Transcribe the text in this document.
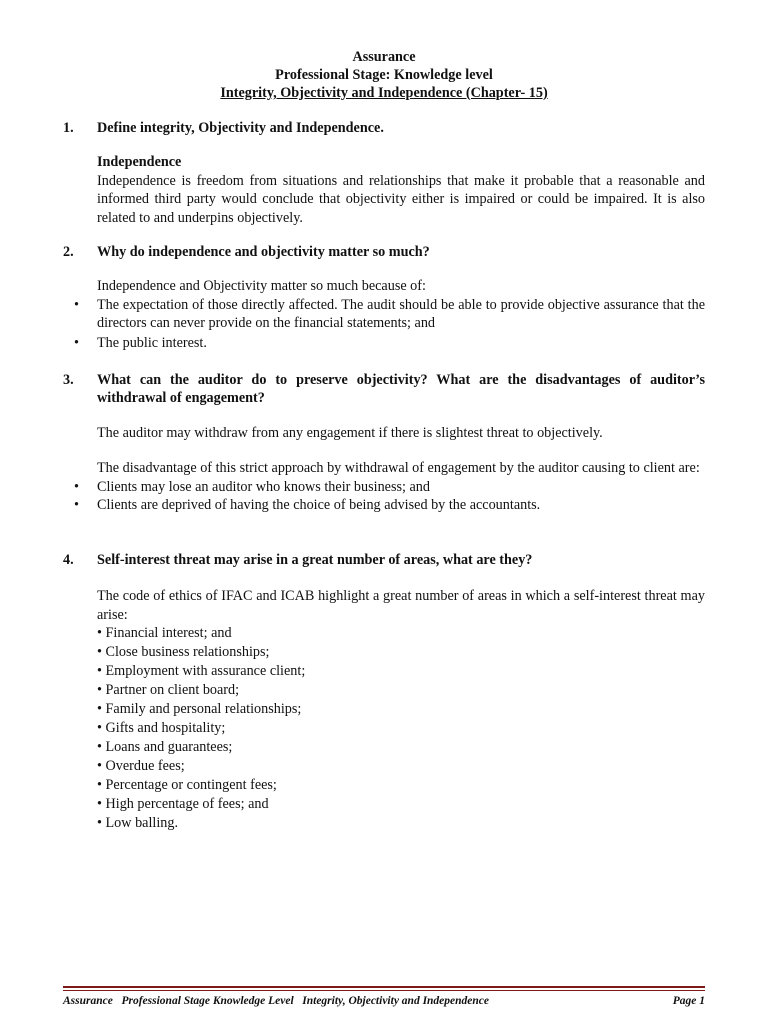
Assurance
Professional Stage: Knowledge level
Integrity, Objectivity and Independence (Chapter- 15)
1.	Define integrity, Objectivity and Independence.
Independence
Independence is freedom from situations and relationships that make it probable that a reasonable and informed third party would conclude that objectivity either is impaired or could be impaired. It is also related to and underpins objectively.
2.	Why do independence and objectivity matter so much?
Independence and Objectivity matter so much because of:
•	The expectation of those directly affected. The audit should be able to provide objective assurance that the directors can never provide on the financial statements; and
•	The public interest.
3.	What can the auditor do to preserve objectivity? What are the disadvantages of auditor’s withdrawal of engagement?
The auditor may withdraw from any engagement if there is slightest threat to objectively.
The disadvantage of this strict approach by withdrawal of engagement by the auditor causing to client are:
•	Clients may lose an auditor who knows their business; and
•	Clients are deprived of having the choice of being advised by the accountants.
4.	Self-interest threat may arise in a great number of areas, what are they?
The code of ethics of IFAC and ICAB highlight a great number of areas in which a self-interest threat may arise:
• Financial interest; and
• Close business relationships;
• Employment with assurance client;
• Partner on client board;
• Family and personal relationships;
• Gifts and hospitality;
• Loans and guarantees;
• Overdue fees;
• Percentage or contingent fees;
• High percentage of fees; and
• Low balling.
Assurance   Professional Stage Knowledge Level   Integrity, Objectivity and Independence	Page 1
